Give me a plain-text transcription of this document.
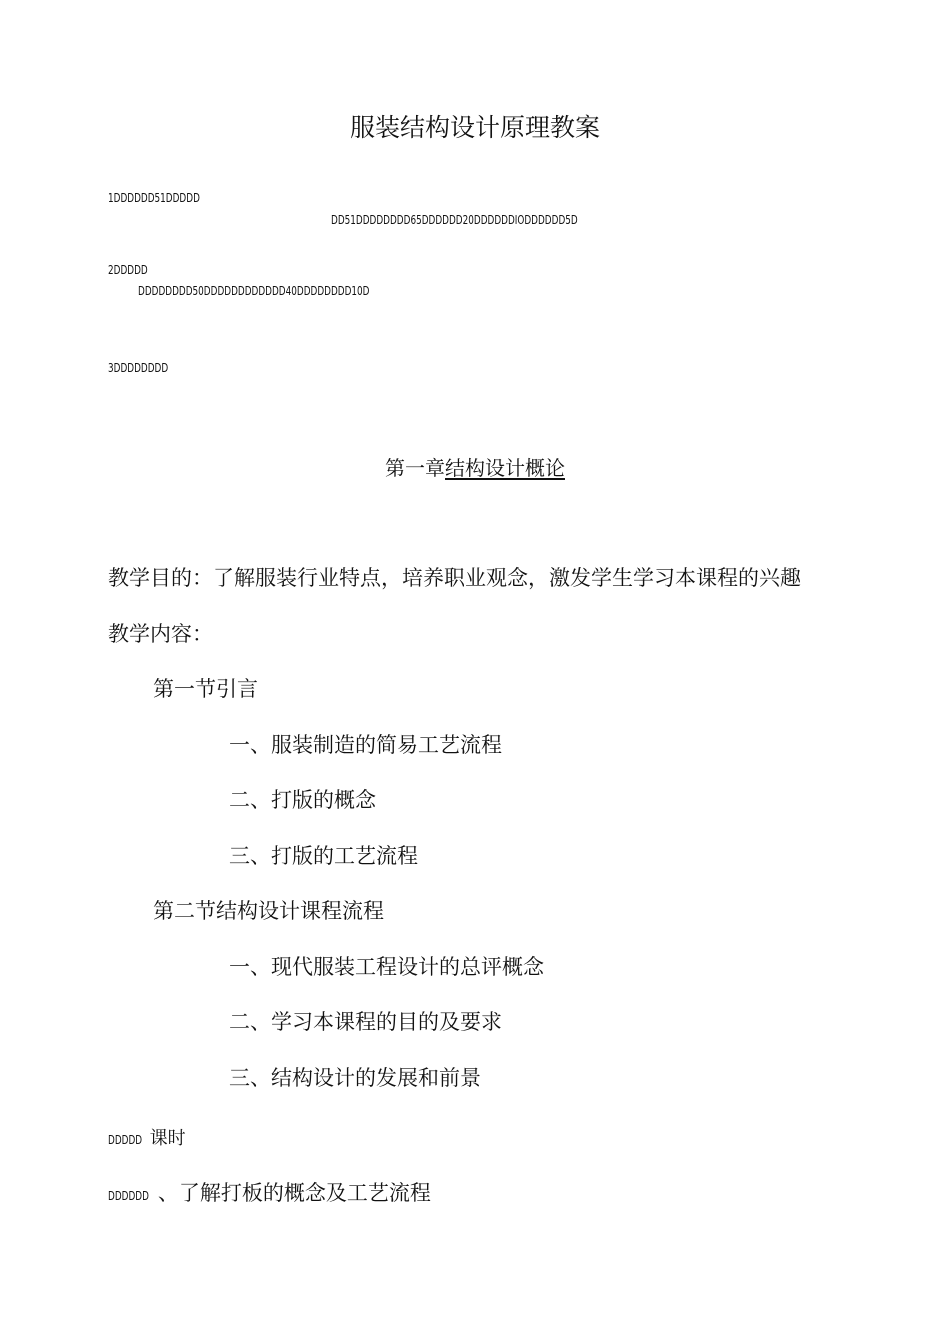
服装结构设计原理教案
1DDDDDD51DDDDD
DD51DDDDDDDD65DDDDDD20DDDDDDIODDDDDD5D
2DDDDD
DDDDDDDD50DDDDDDDDDDDD40DDDDDDDD10D
3DDDDDDDD
第一章结构设计概论
教学目的：了解服装行业特点，培养职业观念，激发学生学习本课程的兴趣
教学内容：
第一节引言
一、服装制造的简易工艺流程
二、打版的概念
三、打版的工艺流程
第二节结构设计课程流程
一、现代服装工程设计的总评概念
二、学习本课程的目的及要求
三、结构设计的发展和前景
DDDDD 课时
DDDDDD 、了解打板的概念及工艺流程
